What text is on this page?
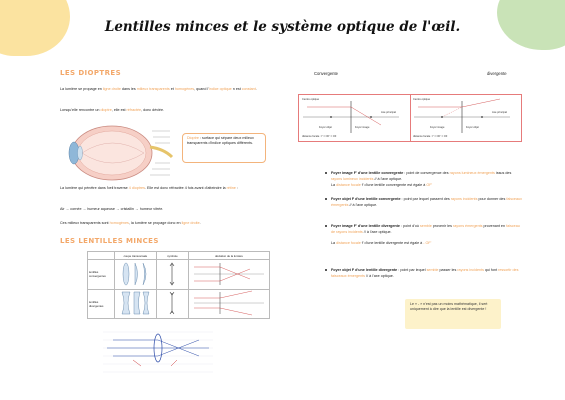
Lentilles minces et le système optique de l'œil.
LES DIOPTRES
La lumière se propage en ligne droite dans les milieux transparents et homogènes, quand l'indice optique n est constant.
Lorsqu'elle rencontre un dioptre, elle est réfractée, donc déviée.
Dioptre : surface qui sépare deux milieux transparents d'indice optiques différents.
La lumière qui pénètre dans l'œil traverse 4 dioptres. Elle est donc réfractée 4 fois avant d'atteindre la rétine :
Air → cornée → humeur aqueuse → cristallin → humeur vitrée.
Ces milieux transparents sont homogènes, la lumière se propage donc en ligne droite.
LES LENTILLES MINCES
	coupe transversale	symbole	déviation de la lumière
lentilles convergentes			
lentilles divergentes			
Convergente	divergente
Centre optique
Axe principal
Foyer objet	Foyer image
distance focale : f' = OF' = OF
Centre optique
Axe principal
Foyer image	Foyer objet
distance focale : f' = OF' = OF
Foyer image F' d'une lentille convergente : point de convergence des rayons lumineux émergents issus des rayons lumineux incidents // à l'axe optique.
La distance focale f' d'une lentille convergente est égale à OF'
Foyer objet F d'une lentille convergente : point par lequel passent des rayons incidents pour donner des faisceaux émergents // à l'axe optique.
Foyer image F' d'une lentille divergente : point d'où semble provenir les rayons émergents provenant en faisceau de rayons incidents // à l'axe optique.
La distance focale f' d'une lentille divergente est égale à - OF'
Foyer objet F d'une lentille divergente : point par lequel semble passer les rayons incidents qui font ressortir des faisceaux émergents // à l'axe optique.
Le « - » n'est pas un moins mathématique, il sert uniquement à dire que la lentille est divergente !
